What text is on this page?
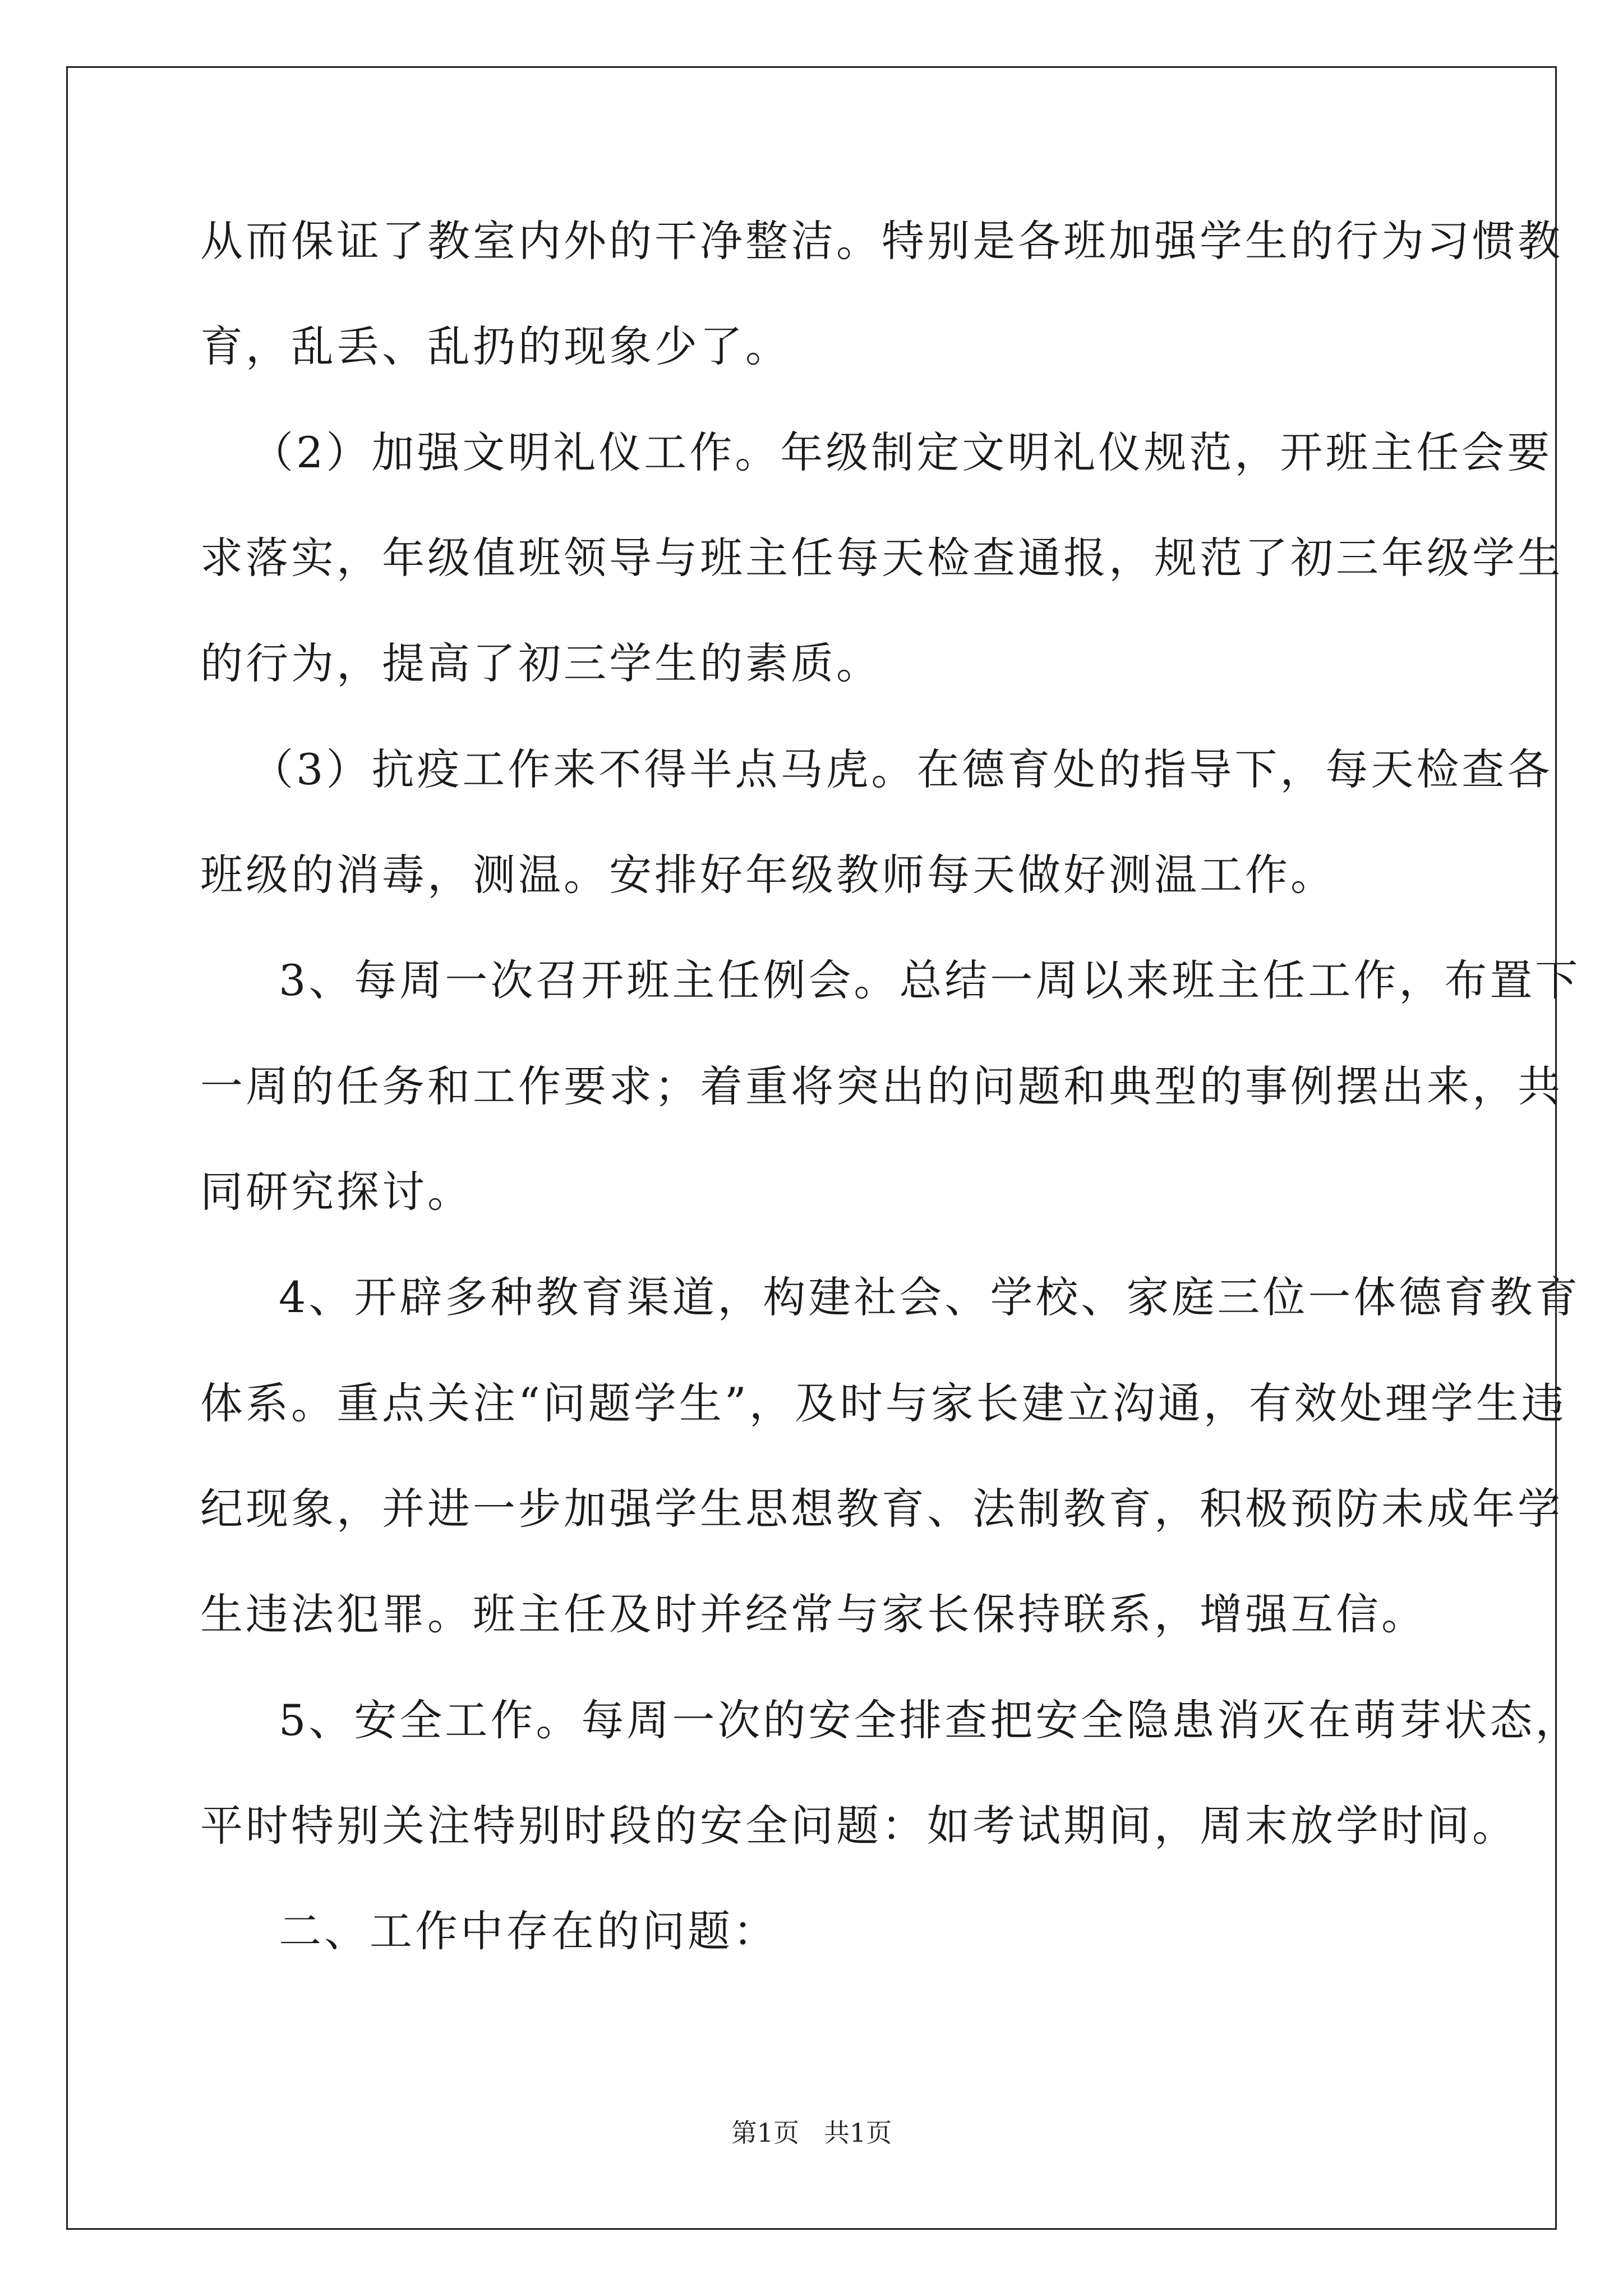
从而保证了教室内外的干净整洁。特别是各班加强学生的行为习惯教
育，乱丢、乱扔的现象少了。
（2）加强文明礼仪工作。年级制定文明礼仪规范，开班主任会要
求落实，年级值班领导与班主任每天检查通报，规范了初三年级学生
的行为，提高了初三学生的素质。
（3）抗疫工作来不得半点马虎。在德育处的指导下，每天检查各
班级的消毒，测温。安排好年级教师每天做好测温工作。
3、每周一次召开班主任例会。总结一周以来班主任工作，布置下
一周的任务和工作要求；着重将突出的问题和典型的事例摆出来，共
同研究探讨。
4、开辟多种教育渠道，构建社会、学校、家庭三位一体德育教育
体系。重点关注“问题学生”，及时与家长建立沟通，有效处理学生违
纪现象，并进一步加强学生思想教育、法制教育，积极预防未成年学
生违法犯罪。班主任及时并经常与家长保持联系，增强互信。
5、安全工作。每周一次的安全排查把安全隐患消灭在萌芽状态，
平时特别关注特别时段的安全问题：如考试期间，周末放学时间。
二、工作中存在的问题：
第1页 共1页
